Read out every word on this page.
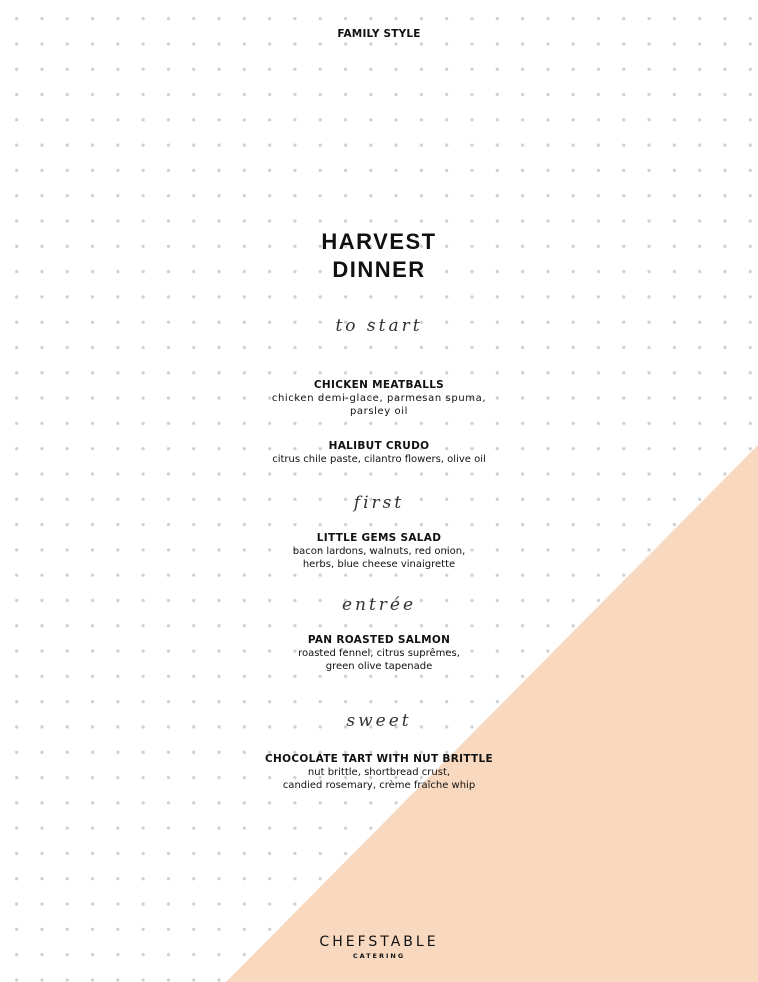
FAMILY STYLE
HARVEST
DINNER
to start
CHICKEN MEATBALLS
chicken demi-glace, parmesan spuma,
parsley oil
HALIBUT CRUDO
citrus chile paste, cilantro flowers, olive oil
first
LITTLE GEMS SALAD
bacon lardons, walnuts, red onion,
herbs, blue cheese vinaigrette
entrée
PAN ROASTED SALMON
roasted fennel, citrus suprêmes,
green olive tapenade
sweet
CHOCOLATE TART WITH NUT BRITTLE
nut brittle, shortbread crust,
candied rosemary, crème fraîche whip
CHEFSTABLE
CATERING
